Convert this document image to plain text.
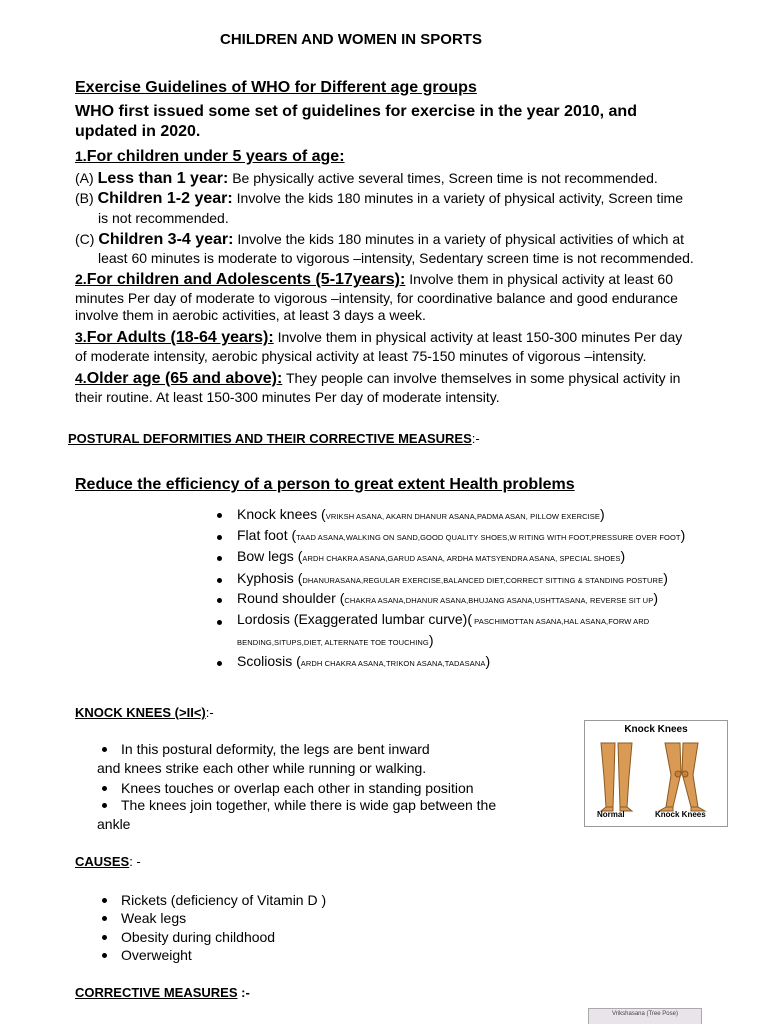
CHILDREN AND WOMEN IN SPORTS
Exercise Guidelines of WHO for Different age groups
WHO first issued some set of guidelines for exercise in the year 2010, and
updated in 2020.
1.For children under 5 years of age:
(A) Less than 1 year: Be physically active several times, Screen time is not recommended.
(B) Children 1-2 year: Involve the kids 180 minutes in a variety of physical activity, Screen time
is not recommended.
(C) Children 3-4 year: Involve the kids 180 minutes in a variety of physical activities of which at
least 60 minutes is moderate to vigorous –intensity, Sedentary screen time is not recommended.
2.For children and Adolescents (5-17years): Involve them in physical activity at least 60
minutes Per day of moderate to vigorous –intensity, for coordinative balance and good endurance
involve them in aerobic activities, at least 3 days a week.
3.For Adults (18-64 years): Involve them in physical activity at least 150-300 minutes Per day
of moderate intensity, aerobic physical activity at least 75-150 minutes of vigorous –intensity.
4.Older age (65 and above): They people can involve themselves in some physical activity in
their routine. At least 150-300 minutes Per day of moderate intensity.
POSTURAL DEFORMITIES AND THEIR CORRECTIVE MEASURES:-
Reduce the efficiency of a person to great extent Health problems
Knock knees (VRIKSH ASANA, AKARN DHANUR ASANA,PADMA ASAN, PILLOW EXERCISE)
Flat foot (TAAD ASANA,WALKING ON SAND,GOOD QUALITY SHOES,W RITING WITH FOOT,PRESSURE OVER FOOT)
Bow legs (ARDH CHAKRA ASANA,GARUD ASANA, ARDHA MATSYENDRA ASANA, SPECIAL SHOES)
Kyphosis (DHANURASANA,REGULAR EXERCISE,BALANCED DIET,CORRECT SITTING & STANDING POSTURE)
Round shoulder (CHAKRA ASANA,DHANUR ASANA,BHUJANG ASANA,USHTTASANA, REVERSE SIT UP)
Lordosis (Exaggerated lumbar curve)( PASCHIMOTTAN ASANA,HAL ASANA,FORW ARD
BENDING,SITUPS,DIET, ALTERNATE TOE TOUCHING)
Scoliosis (ARDH CHAKRA ASANA,TRIKON ASANA,TADASANA)
KNOCK KNEES (>II<):-
In this postural deformity, the legs are bent inward
and knees strike each other while running or walking.
Knees touches or overlap each other in standing position
The knees join together, while there is wide gap between the
ankle
Knock Knees
Normal	Knock Knees
CAUSES: -
Rickets (deficiency of Vitamin D )
Weak legs
Obesity during childhood
Overweight
CORRECTIVE MEASURES :-
Vrikshasana (Tree Pose)
